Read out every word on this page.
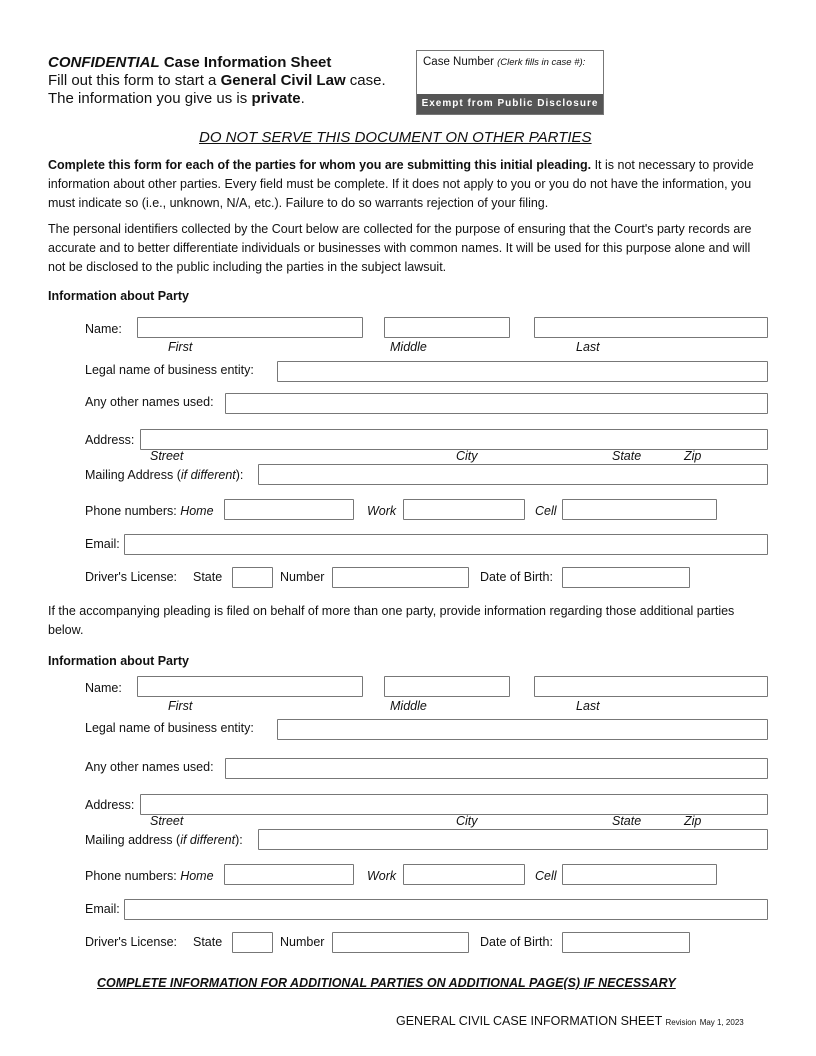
CONFIDENTIAL Case Information Sheet
Fill out this form to start a General Civil Law case.
The information you give us is private.
Case Number (Clerk fills in case #):
Exempt from Public Disclosure
DO NOT SERVE THIS DOCUMENT ON OTHER PARTIES
Complete this form for each of the parties for whom you are submitting this initial pleading. It is not necessary to provide information about other parties. Every field must be complete. If it does not apply to you or you do not have the information, you must indicate so (i.e., unknown, N/A, etc.). Failure to do so warrants rejection of your filing.
The personal identifiers collected by the Court below are collected for the purpose of ensuring that the Court's party records are accurate and to better differentiate individuals or businesses with common names. It will be used for this purpose alone and will not be disclosed to the public including the parties in the subject lawsuit.
Information about Party
Name:
First	Middle	Last
Legal name of business entity:
Any other names used:
Address:
Street	City	State	Zip
Mailing Address (if different):
Phone numbers: Home	Work	Cell
Email:
Driver's License: State	Number	Date of Birth:
If the accompanying pleading is filed on behalf of more than one party, provide information regarding those additional parties below.
Information about Party
Name:
First	Middle	Last
Legal name of business entity:
Any other names used:
Address:
Street	City	State	Zip
Mailing address (if different):
Phone numbers: Home	Work	Cell
Email:
Driver's License: State	Number	Date of Birth:
COMPLETE INFORMATION FOR ADDITIONAL PARTIES ON ADDITIONAL PAGE(S) IF NECESSARY
GENERAL CIVIL CASE INFORMATION SHEET Revision May 1, 2023
